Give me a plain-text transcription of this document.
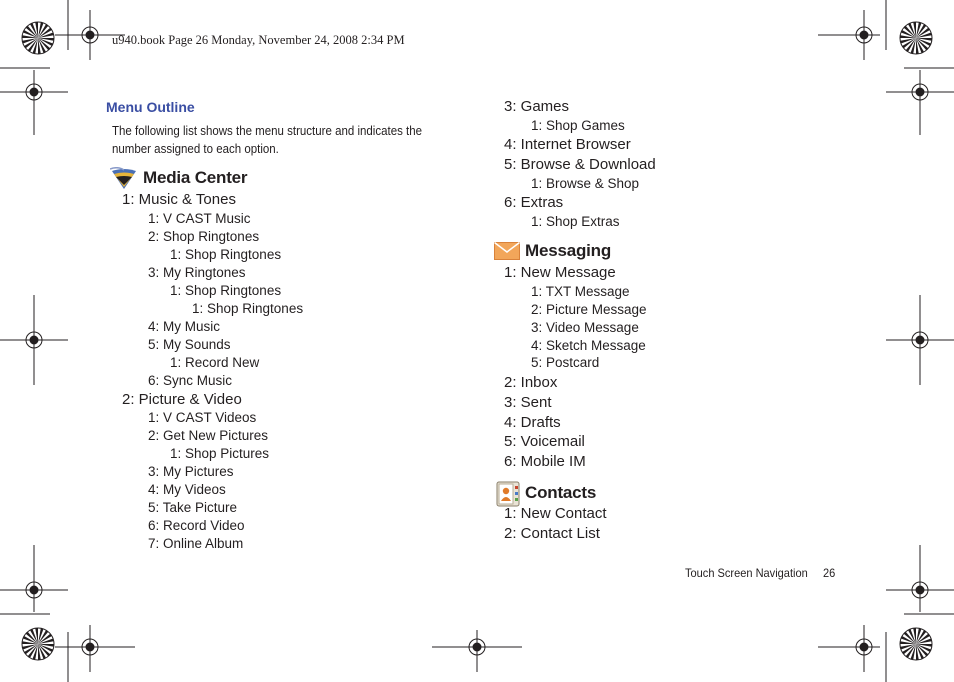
u940.book Page 26 Monday, November 24, 2008 2:34 PM
Menu Outline
The following list shows the menu structure and indicates the number assigned to each option.
Media Center
1: Music & Tones
1: V CAST Music
2: Shop Ringtones
1: Shop Ringtones
3: My Ringtones
1: Shop Ringtones
1: Shop Ringtones
4: My Music
5: My Sounds
1: Record New
6: Sync Music
2: Picture & Video
1: V CAST Videos
2: Get New Pictures
1: Shop Pictures
3: My Pictures
4: My Videos
5: Take Picture
6: Record Video
7: Online Album
3: Games
1: Shop Games
4: Internet Browser
5: Browse & Download
1: Browse & Shop
6: Extras
1: Shop Extras
Messaging
1: New Message
1: TXT Message
2: Picture Message
3: Video Message
4: Sketch Message
5: Postcard
2: Inbox
3: Sent
4: Drafts
5: Voicemail
6: Mobile IM
Contacts
1: New Contact
2: Contact List
Touch Screen Navigation 26
